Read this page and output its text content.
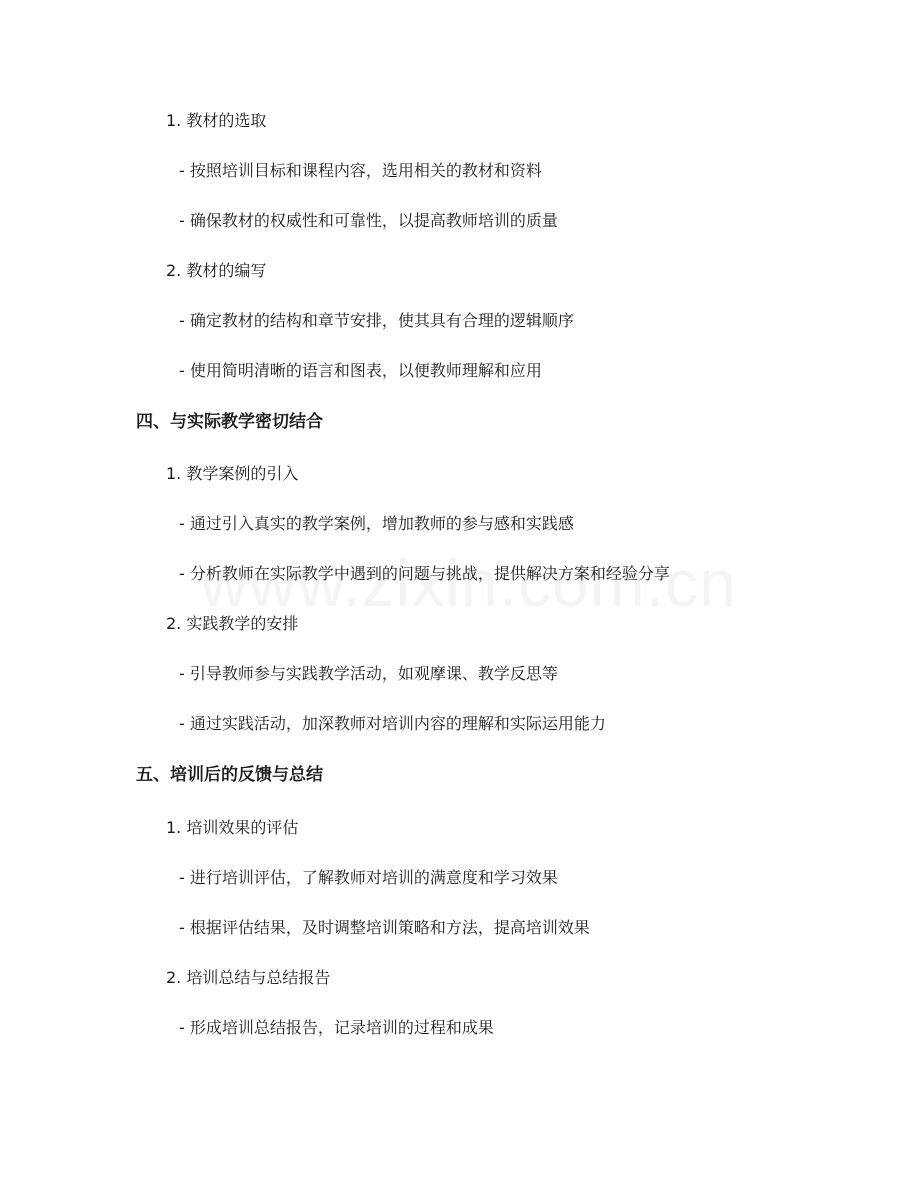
1. 教材的选取
- 按照培训目标和课程内容，选用相关的教材和资料
- 确保教材的权威性和可靠性，以提高教师培训的质量
2. 教材的编写
- 确定教材的结构和章节安排，使其具有合理的逻辑顺序
- 使用简明清晰的语言和图表，以便教师理解和应用
四、与实际教学密切结合
1. 教学案例的引入
- 通过引入真实的教学案例，增加教师的参与感和实践感
- 分析教师在实际教学中遇到的问题与挑战，提供解决方案和经验分享
2. 实践教学的安排
- 引导教师参与实践教学活动，如观摩课、教学反思等
- 通过实践活动，加深教师对培训内容的理解和实际运用能力
五、培训后的反馈与总结
1. 培训效果的评估
- 进行培训评估，了解教师对培训的满意度和学习效果
- 根据评估结果，及时调整培训策略和方法，提高培训效果
2. 培训总结与总结报告
- 形成培训总结报告，记录培训的过程和成果
